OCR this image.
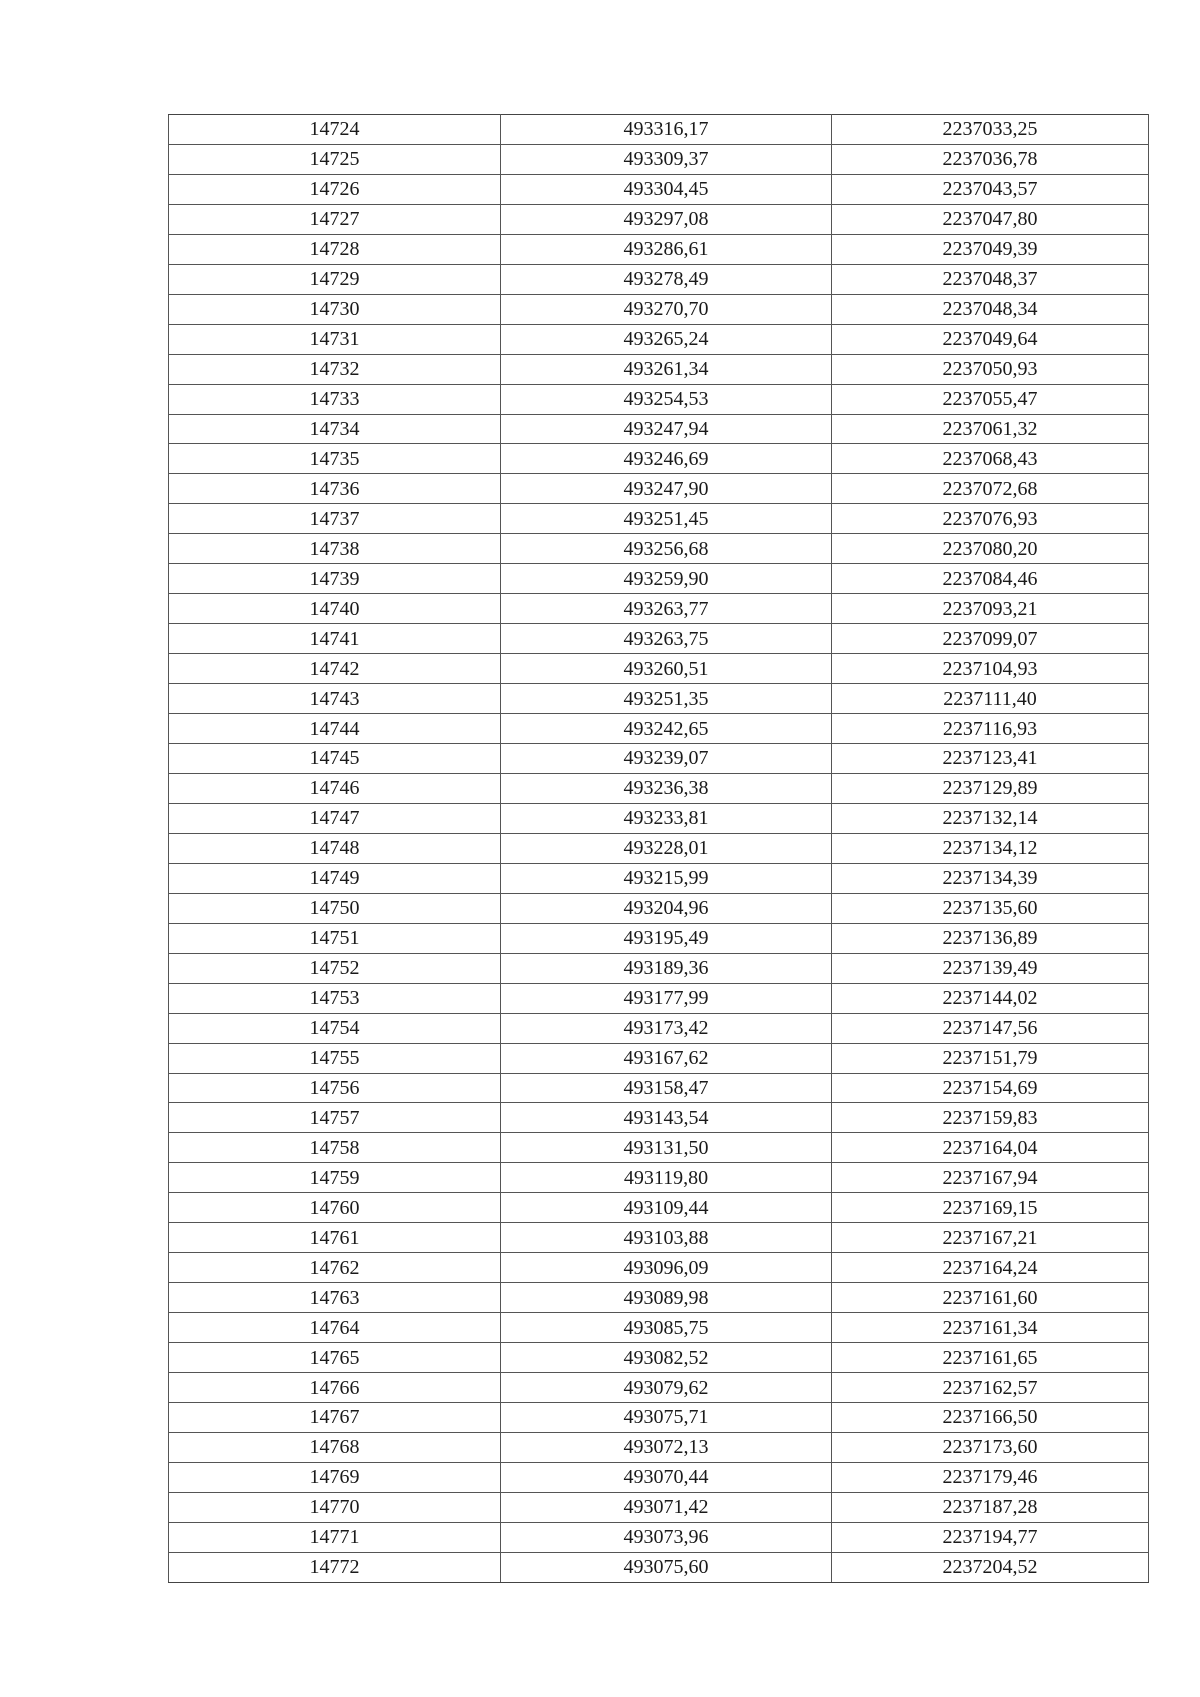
14724	493316,17	2237033,25
14725	493309,37	2237036,78
14726	493304,45	2237043,57
14727	493297,08	2237047,80
14728	493286,61	2237049,39
14729	493278,49	2237048,37
14730	493270,70	2237048,34
14731	493265,24	2237049,64
14732	493261,34	2237050,93
14733	493254,53	2237055,47
14734	493247,94	2237061,32
14735	493246,69	2237068,43
14736	493247,90	2237072,68
14737	493251,45	2237076,93
14738	493256,68	2237080,20
14739	493259,90	2237084,46
14740	493263,77	2237093,21
14741	493263,75	2237099,07
14742	493260,51	2237104,93
14743	493251,35	2237111,40
14744	493242,65	2237116,93
14745	493239,07	2237123,41
14746	493236,38	2237129,89
14747	493233,81	2237132,14
14748	493228,01	2237134,12
14749	493215,99	2237134,39
14750	493204,96	2237135,60
14751	493195,49	2237136,89
14752	493189,36	2237139,49
14753	493177,99	2237144,02
14754	493173,42	2237147,56
14755	493167,62	2237151,79
14756	493158,47	2237154,69
14757	493143,54	2237159,83
14758	493131,50	2237164,04
14759	493119,80	2237167,94
14760	493109,44	2237169,15
14761	493103,88	2237167,21
14762	493096,09	2237164,24
14763	493089,98	2237161,60
14764	493085,75	2237161,34
14765	493082,52	2237161,65
14766	493079,62	2237162,57
14767	493075,71	2237166,50
14768	493072,13	2237173,60
14769	493070,44	2237179,46
14770	493071,42	2237187,28
14771	493073,96	2237194,77
14772	493075,60	2237204,52
